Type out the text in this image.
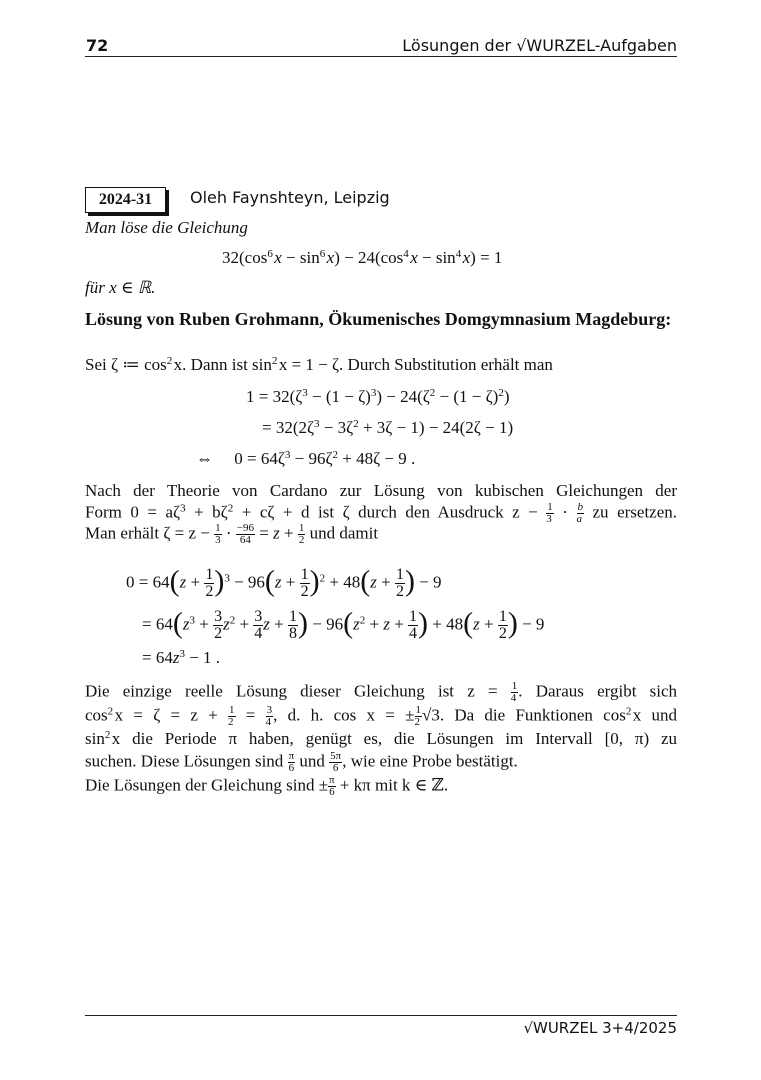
72	Lösungen der √WURZEL-Aufgaben
2024-31	Oleh Faynshteyn, Leipzig
Man löse die Gleichung
$32(\cos^6$ $x - \sin^6$ $x) - 24(\cos^4$ $x - \sin^4$ x) = 1
für x ∈ ℝ.
Lösung von Ruben Grohmann, Ökumenisches Domgymnasium Magdeburg:
Sei ζ ≔ $\cos^2$ x. Dann ist $\sin^2$ x = 1 − ζ. Durch Substitution erhält man
$1 = 32(\zeta^3 - (1 - \zeta)^3) - 24(\zeta^2 - (1 - \zeta)^2)$
= $32(2\zeta^3 - 3\zeta^2 + 3\zeta - 1) - 24(2\zeta - 1)$
⇔     $0 = 64\zeta^3 - 96\zeta^2 + 48\zeta - 9$ .
Nach der Theorie von Cardano zur Lösung von kubischen Gleichungen der
Form $0 = a\zeta^3 + b\zeta^2 + c\zeta + d$ ist ζ durch den Ausdruck $z - \frac{1}{3} \cdot \frac{b}{a}$ zu ersetzen.
Man erhält $\zeta = z - \frac{1}{3} \cdot \frac{-96}{64} = z + \frac{1}{2}$ und damit
$0 = 64(z + \frac{1}{2} )^3 - 96(z + \frac{1}{2} )^2 + 48(z + \frac{1}{2}$ ) − 9
= $64(z^3 + \frac{3}{2} z^2 + \frac{3}{4}$ $z + \frac{1}{8}$ ) − $96(z^2 + z + \frac{1}{4}$ ) + $48(z + \frac{1}{2}$ ) − 9
= $64z^3 - 1$ .
Die einzige reelle Lösung dieser Gleichung ist $z = \frac{1}{4}$ . Daraus ergibt sich
$\cos^2$ $x = \zeta = z + \frac{1}{2} = \frac{3}{4}$ , d. h. cos x = ± $\frac{1}{2} √3$. Da die Funktionen $\cos^2$ x und
$\sin^2$ x die Periode π haben, genügt es, die Lösungen im Intervall [0, π) zu
suchen. Diese Lösungen sind $\frac{\pi}{6}$ und $\frac{5\pi}{6}$ , wie eine Probe bestätigt.
Die Lösungen der Gleichung $\sin d \pm \frac{\pi}{6} + k\pi$ mit k ∈ ℤ.
√WURZEL 3+4/2025
